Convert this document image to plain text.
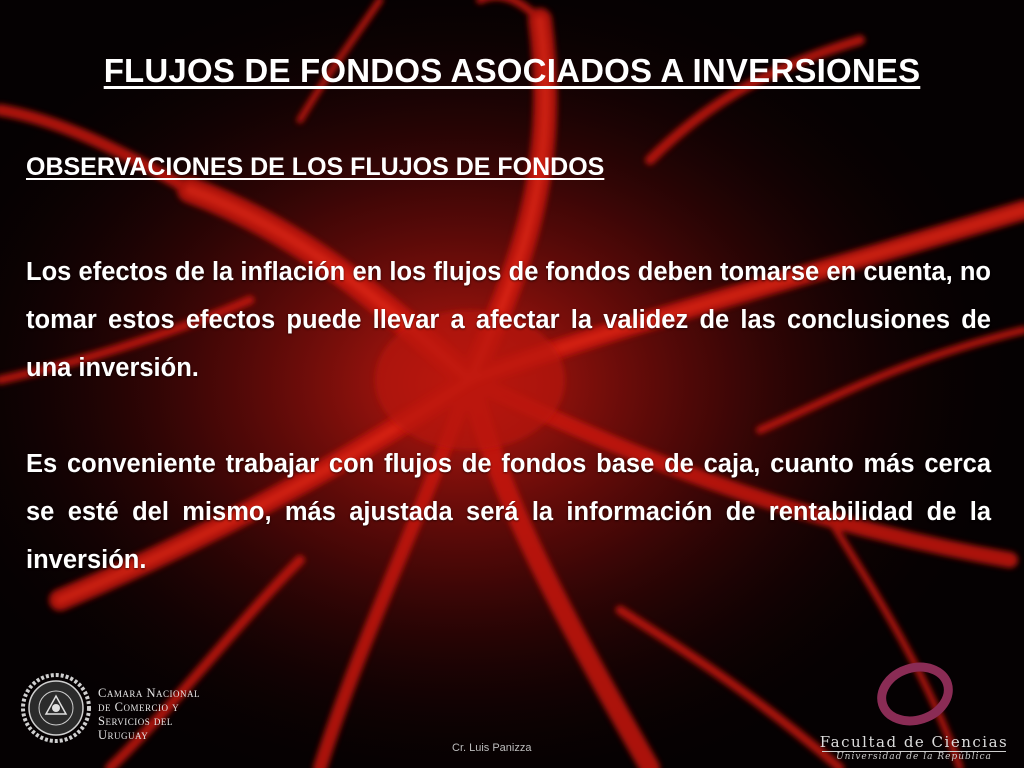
FLUJOS DE FONDOS ASOCIADOS A INVERSIONES
OBSERVACIONES DE LOS FLUJOS DE FONDOS
Los efectos de la inflación en los flujos de fondos deben tomarse en cuenta, no tomar estos efectos puede llevar a afectar la validez de las conclusiones de una inversión.
Es conveniente trabajar con flujos de fondos base de caja, cuanto más cerca se esté del mismo, más ajustada será la información de rentabilidad de la inversión.
Camara Nacional
de Comercio y
Servicios del
Uruguay
Cr. Luis Panizza	Facultad de Ciencias
Universidad de la República
